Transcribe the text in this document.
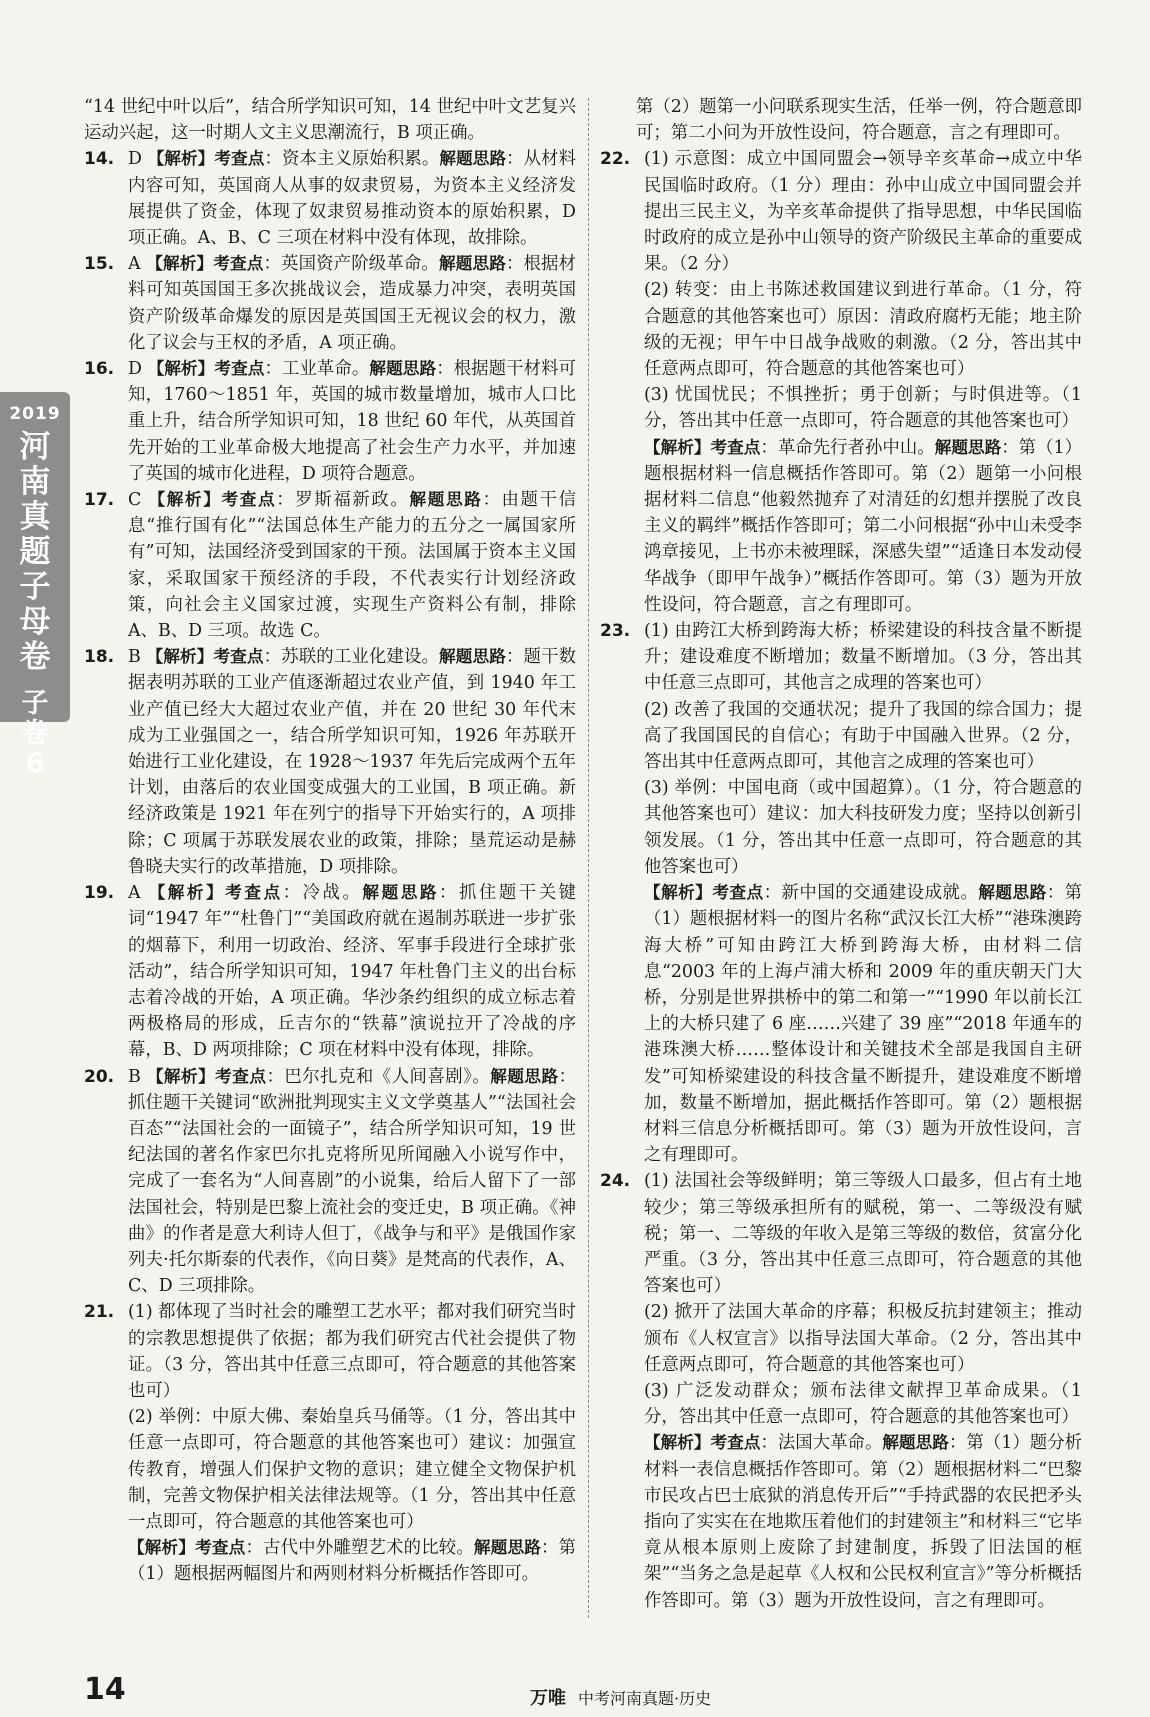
2019
河南真题子母卷
子卷6

“14 世纪中叶以后”，结合所学知识可知，14 世纪中叶文艺复兴运动兴起，这一时期人文主义思潮流行，B 项正确。

14. D 【解析】考查点：资本主义原始积累。解题思路：从材料内容可知，英国商人从事的奴隶贸易，为资本主义经济发展提供了资金，体现了奴隶贸易推动资本的原始积累，D 项正确。A、B、C 三项在材料中没有体现，故排除。
15. A 【解析】考查点：英国资产阶级革命。解题思路：根据材料可知英国国王多次挑战议会，造成暴力冲突，表明英国资产阶级革命爆发的原因是英国国王无视议会的权力，激化了议会与王权的矛盾，A 项正确。
16. D 【解析】考查点：工业革命。解题思路：根据题干材料可知，1760～1851 年，英国的城市数量增加，城市人口比重上升，结合所学知识可知，18 世纪 60 年代，从英国首先开始的工业革命极大地提高了社会生产力水平，并加速了英国的城市化进程，D 项符合题意。
17. C 【解析】考查点：罗斯福新政。解题思路：由题干信息“推行国有化”“法国总体生产能力的五分之一属国家所有”可知，法国经济受到国家的干预。法国属于资本主义国家，采取国家干预经济的手段，不代表实行计划经济政策，向社会主义国家过渡，实现生产资料公有制，排除 A、B、D 三项。故选 C。
18. B 【解析】考查点：苏联的工业化建设。解题思路：题干数据表明苏联的工业产值逐渐超过农业产值，到 1940 年工业产值已经大大超过农业产值，并在 20 世纪 30 年代末成为工业强国之一，结合所学知识可知，1926 年苏联开始进行工业化建设，在 1928～1937 年先后完成两个五年计划，由落后的农业国变成强大的工业国，B 项正确。新经济政策是 1921 年在列宁的指导下开始实行的，A 项排除；C 项属于苏联发展农业的政策，排除；垦荒运动是赫鲁晓夫实行的改革措施，D 项排除。
19. A 【解析】考查点：冷战。解题思路：抓住题干关键词“1947 年”“杜鲁门”“美国政府就在遏制苏联进一步扩张的烟幕下，利用一切政治、经济、军事手段进行全球扩张活动”，结合所学知识可知，1947 年杜鲁门主义的出台标志着冷战的开始，A 项正确。华沙条约组织的成立标志着两极格局的形成，丘吉尔的“铁幕”演说拉开了冷战的序幕，B、D 两项排除；C 项在材料中没有体现，排除。
20. B 【解析】考查点：巴尔扎克和《人间喜剧》。解题思路：抓住题干关键词“欧洲批判现实主义文学奠基人”“法国社会百态”“法国社会的一面镜子”，结合所学知识可知，19 世纪法国的著名作家巴尔扎克将所见所闻融入小说写作中，完成了一套名为“人间喜剧”的小说集，给后人留下了一部法国社会，特别是巴黎上流社会的变迁史，B 项正确。《神曲》的作者是意大利诗人但丁，《战争与和平》是俄国作家列夫·托尔斯泰的代表作，《向日葵》是梵高的代表作，A、C、D 三项排除。
21. (1) 都体现了当时社会的雕塑工艺水平；都对我们研究当时的宗教思想提供了依据；都为我们研究古代社会提供了物证。（3 分，答出其中任意三点即可，符合题意的其他答案也可）

(2) 举例：中原大佛、秦始皇兵马俑等。（1 分，答出其中任意一点即可，符合题意的其他答案也可）建议：加强宣传教育，增强人们保护文物的意识；建立健全文物保护机制，完善文物保护相关法律法规等。（1 分，答出其中任意一点即可，符合题意的其他答案也可）

【解析】考查点：古代中外雕塑艺术的比较。解题思路：第（1）题根据两幅图片和两则材料分析概括作答即可。

第（2）题第一小问联系现实生活，任举一例，符合题意即可；第二小问为开放性设问，符合题意，言之有理即可。

22. (1) 示意图：成立中国同盟会→领导辛亥革命→成立中华民国临时政府。（1 分）理由：孙中山成立中国同盟会并提出三民主义，为辛亥革命提供了指导思想，中华民国临时政府的成立是孙中山领导的资产阶级民主革命的重要成果。（2 分）

(2) 转变：由上书陈述救国建议到进行革命。（1 分，符合题意的其他答案也可）原因：清政府腐朽无能；地主阶级的无视；甲午中日战争战败的刺激。（2 分，答出其中任意两点即可，符合题意的其他答案也可）

(3) 忧国忧民；不惧挫折；勇于创新；与时俱进等。（1 分，答出其中任意一点即可，符合题意的其他答案也可）

【解析】考查点：革命先行者孙中山。解题思路：第（1）题根据材料一信息概括作答即可。第（2）题第一小问根据材料二信息“他毅然抛弃了对清廷的幻想并摆脱了改良主义的羁绊”概括作答即可；第二小问根据“孙中山未受李鸿章接见，上书亦未被理睬，深感失望”“适逢日本发动侵华战争（即甲午战争）”概括作答即可。第（3）题为开放性设问，符合题意，言之有理即可。

23. (1) 由跨江大桥到跨海大桥；桥梁建设的科技含量不断提升；建设难度不断增加；数量不断增加。（3 分，答出其中任意三点即可，其他言之成理的答案也可）

(2) 改善了我国的交通状况；提升了我国的综合国力；提高了我国国民的自信心；有助于中国融入世界。（2 分，答出其中任意两点即可，其他言之成理的答案也可）

(3) 举例：中国电商（或中国超算）。（1 分，符合题意的其他答案也可）建议：加大科技研发力度；坚持以创新引领发展。（1 分，答出其中任意一点即可，符合题意的其他答案也可）

【解析】考查点：新中国的交通建设成就。解题思路：第（1）题根据材料一的图片名称“武汉长江大桥”“港珠澳跨海大桥”可知由跨江大桥到跨海大桥，由材料二信息“2003 年的上海卢浦大桥和 2009 年的重庆朝天门大桥，分别是世界拱桥中的第二和第一”“1990 年以前长江上的大桥只建了 6 座……兴建了 39 座”“2018 年通车的港珠澳大桥……整体设计和关键技术全部是我国自主研发”可知桥梁建设的科技含量不断提升，建设难度不断增加，数量不断增加，据此概括作答即可。第（2）题根据材料三信息分析概括即可。第（3）题为开放性设问，言之有理即可。

24. (1) 法国社会等级鲜明；第三等级人口最多，但占有土地较少；第三等级承担所有的赋税，第一、二等级没有赋税；第一、二等级的年收入是第三等级的数倍，贫富分化严重。（3 分，答出其中任意三点即可，符合题意的其他答案也可）

(2) 掀开了法国大革命的序幕；积极反抗封建领主；推动颁布《人权宣言》以指导法国大革命。（2 分，答出其中任意两点即可，符合题意的其他答案也可）

(3) 广泛发动群众；颁布法律文献捍卫革命成果。（1 分，答出其中任意一点即可，符合题意的其他答案也可）

【解析】考查点：法国大革命。解题思路：第（1）题分析材料一表信息概括作答即可。第（2）题根据材料二“巴黎市民攻占巴士底狱的消息传开后”“手持武器的农民把矛头指向了实实在在地欺压着他们的封建领主”和材料三“它毕竟从根本原则上废除了封建制度，拆毁了旧法国的框架”“当务之急是起草《人权和公民权利宣言》”等分析概括作答即可。第（3）题为开放性设问，言之有理即可。

14	万唯 中考河南真题·历史
